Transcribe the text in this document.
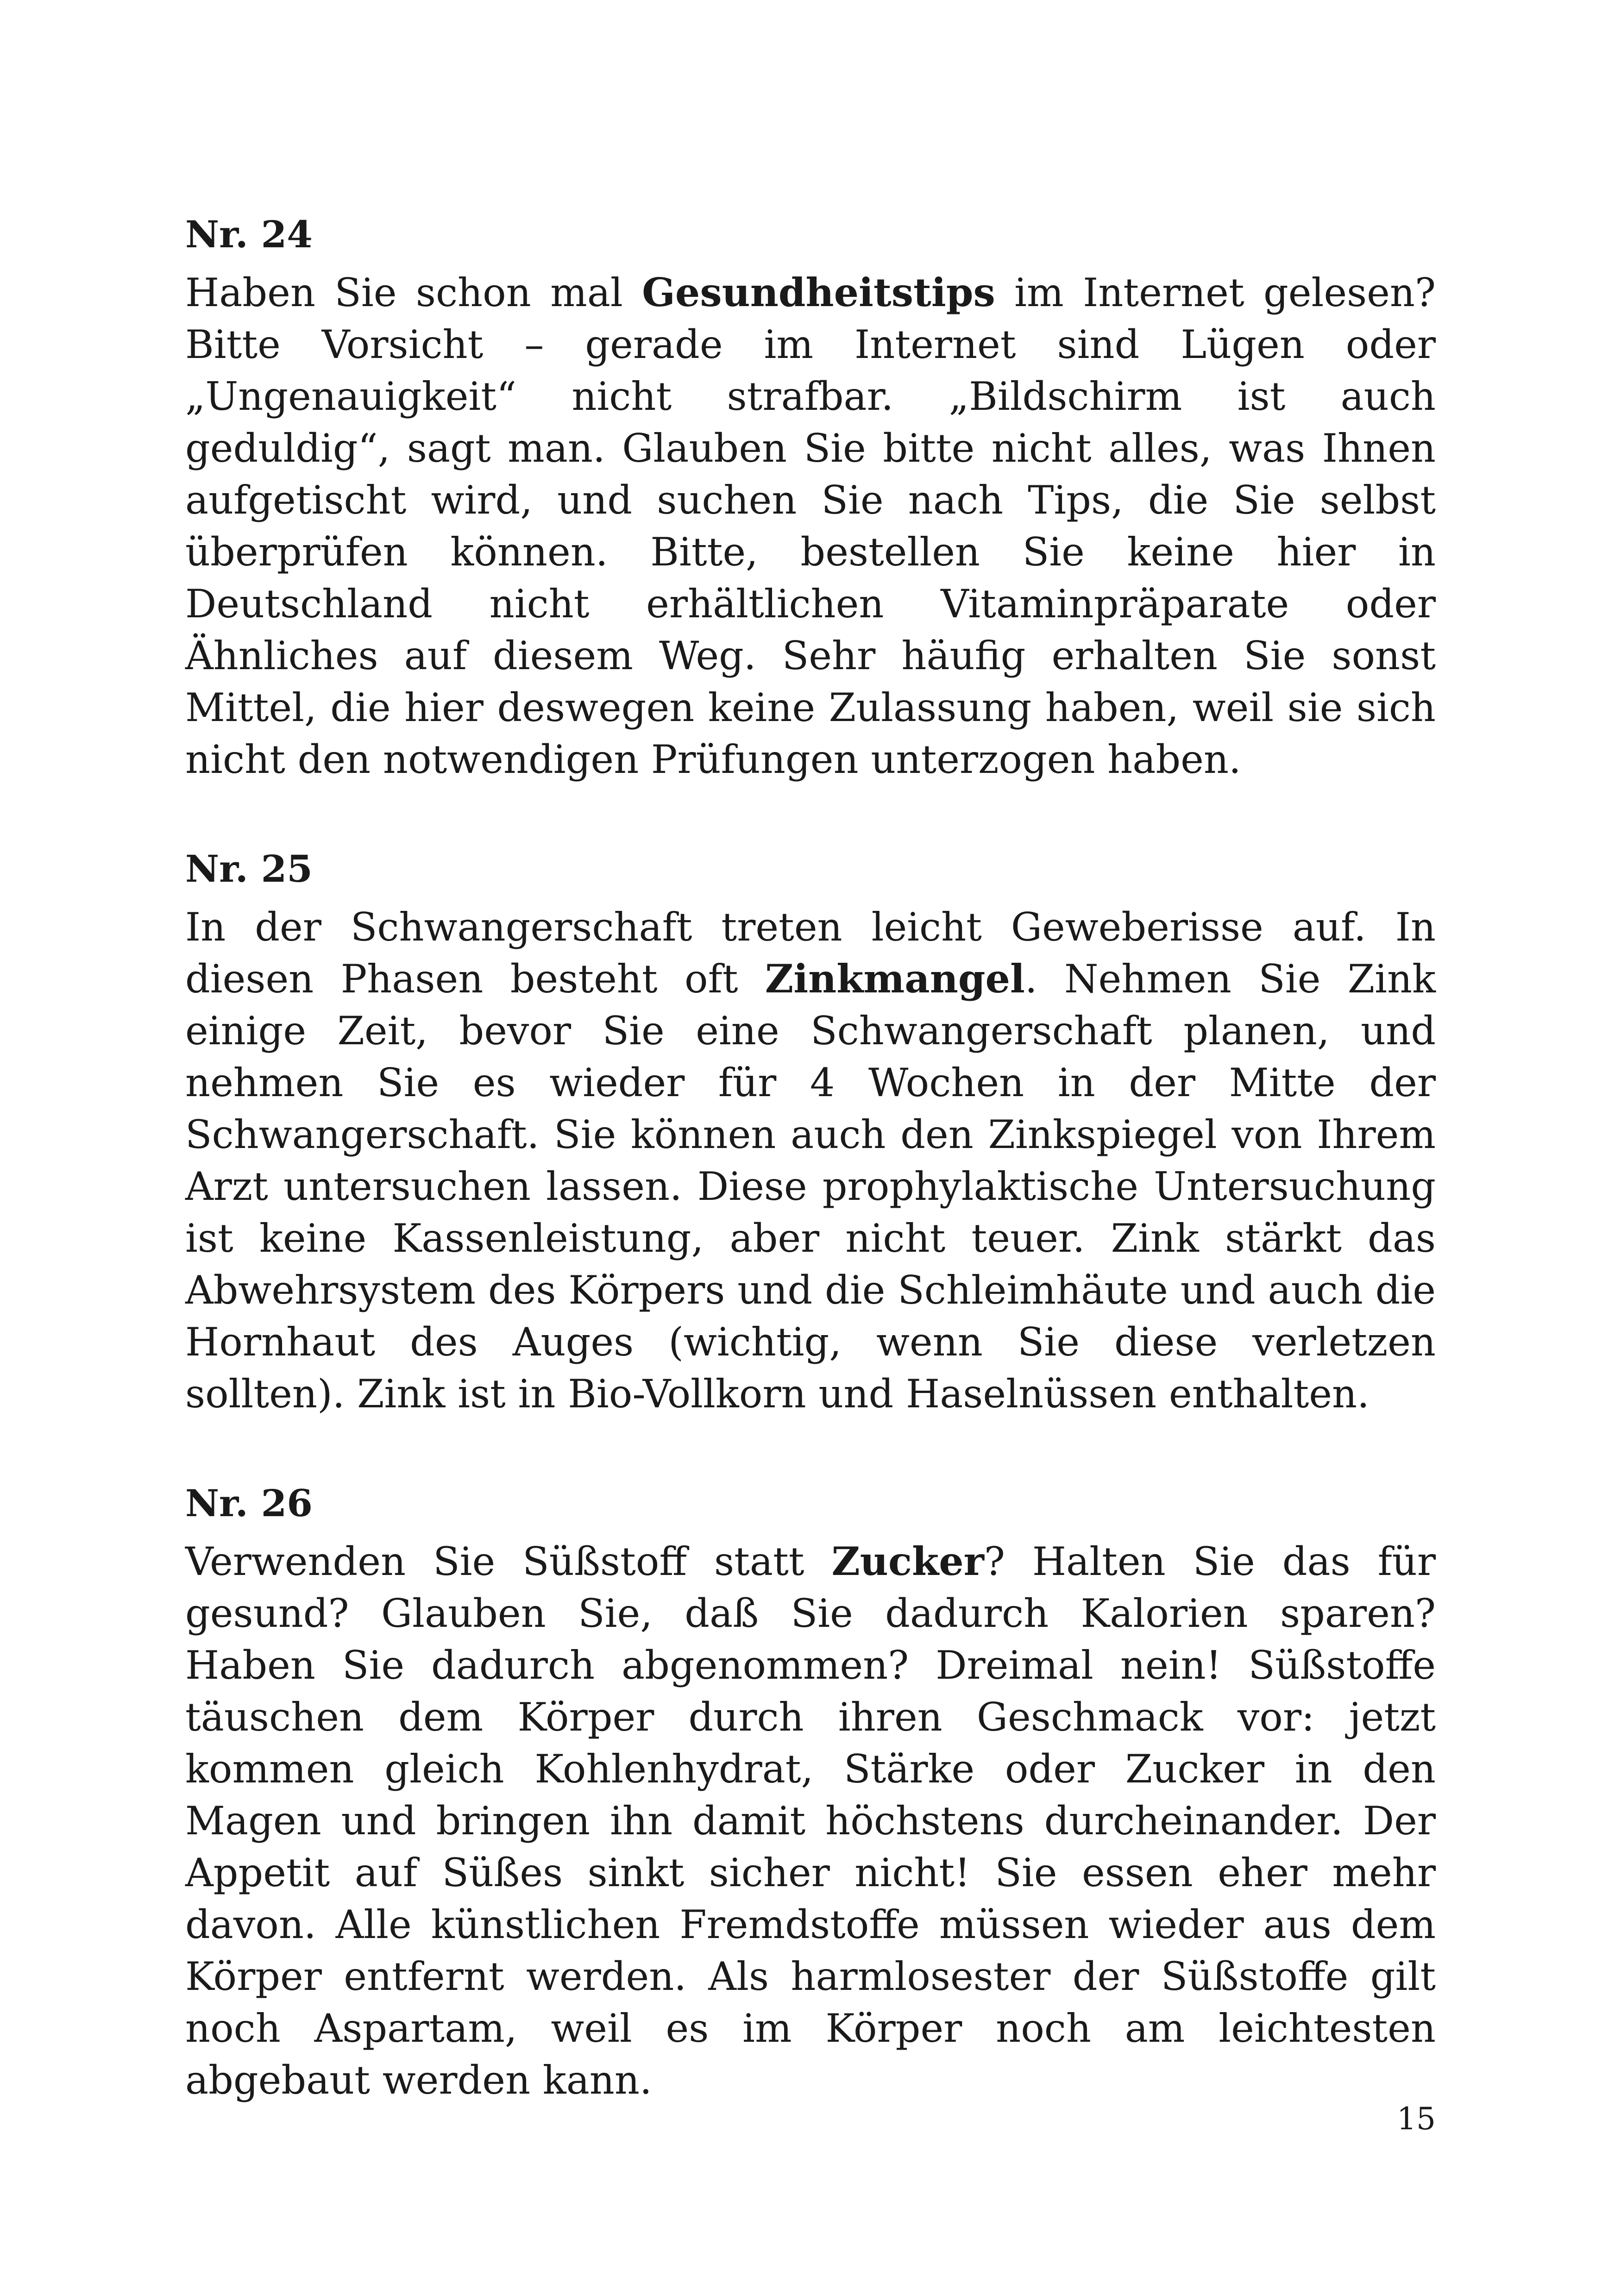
Nr. 24

Haben Sie schon mal Gesundheitstips im Internet gelesen? Bitte Vorsicht – gerade im Internet sind Lügen oder „Ungenauigkeit“ nicht strafbar. „Bildschirm ist auch geduldig“, sagt man. Glauben Sie bitte nicht alles, was Ihnen aufgetischt wird, und suchen Sie nach Tips, die Sie selbst überprüfen können. Bitte, bestellen Sie keine hier in Deutschland nicht erhältlichen Vitaminpräparate oder Ähnliches auf diesem Weg. Sehr häufig erhalten Sie sonst Mittel, die hier deswegen keine Zulassung haben, weil sie sich nicht den notwendigen Prüfungen unterzogen haben.

Nr. 25

In der Schwangerschaft treten leicht Geweberisse auf. In diesen Phasen besteht oft Zinkmangel. Nehmen Sie Zink einige Zeit, bevor Sie eine Schwangerschaft planen, und nehmen Sie es wieder für 4 Wochen in der Mitte der Schwangerschaft. Sie können auch den Zinkspiegel von Ihrem Arzt untersuchen lassen. Diese prophylaktische Untersuchung ist keine Kassenleistung, aber nicht teuer. Zink stärkt das Abwehrsystem des Körpers und die Schleimhäute und auch die Hornhaut des Auges (wichtig, wenn Sie diese verletzen sollten). Zink ist in Bio-Vollkorn und Haselnüssen enthalten.

Nr. 26

Verwenden Sie Süßstoff statt Zucker? Halten Sie das für gesund? Glauben Sie, daß Sie dadurch Kalorien sparen? Haben Sie dadurch abgenommen? Dreimal nein! Süßstoffe täuschen dem Körper durch ihren Geschmack vor: jetzt kommen gleich Kohlenhydrat, Stärke oder Zucker in den Magen und bringen ihn damit höchstens durcheinander. Der Appetit auf Süßes sinkt sicher nicht! Sie essen eher mehr davon. Alle künstlichen Fremdstoffe müssen wieder aus dem Körper entfernt werden. Als harmlosester der Süßstoffe gilt noch Aspartam, weil es im Körper noch am leichtesten abgebaut werden kann.

15
